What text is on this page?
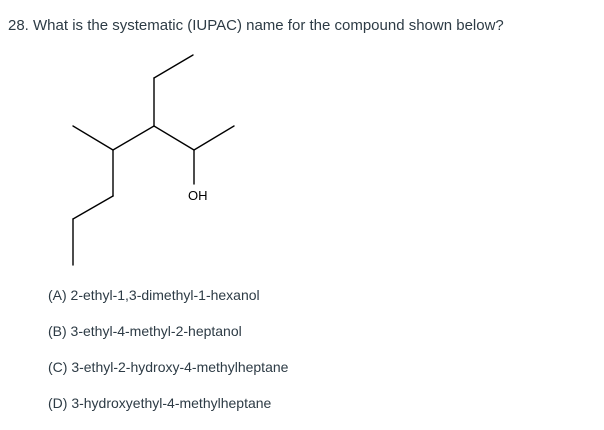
28. What is the systematic (IUPAC) name for the compound shown below?
OH
(A) 2-ethyl-1,3-dimethyl-1-hexanol
(B) 3-ethyl-4-methyl-2-heptanol
(C) 3-ethyl-2-hydroxy-4-methylheptane
(D) 3-hydroxyethyl-4-methylheptane
